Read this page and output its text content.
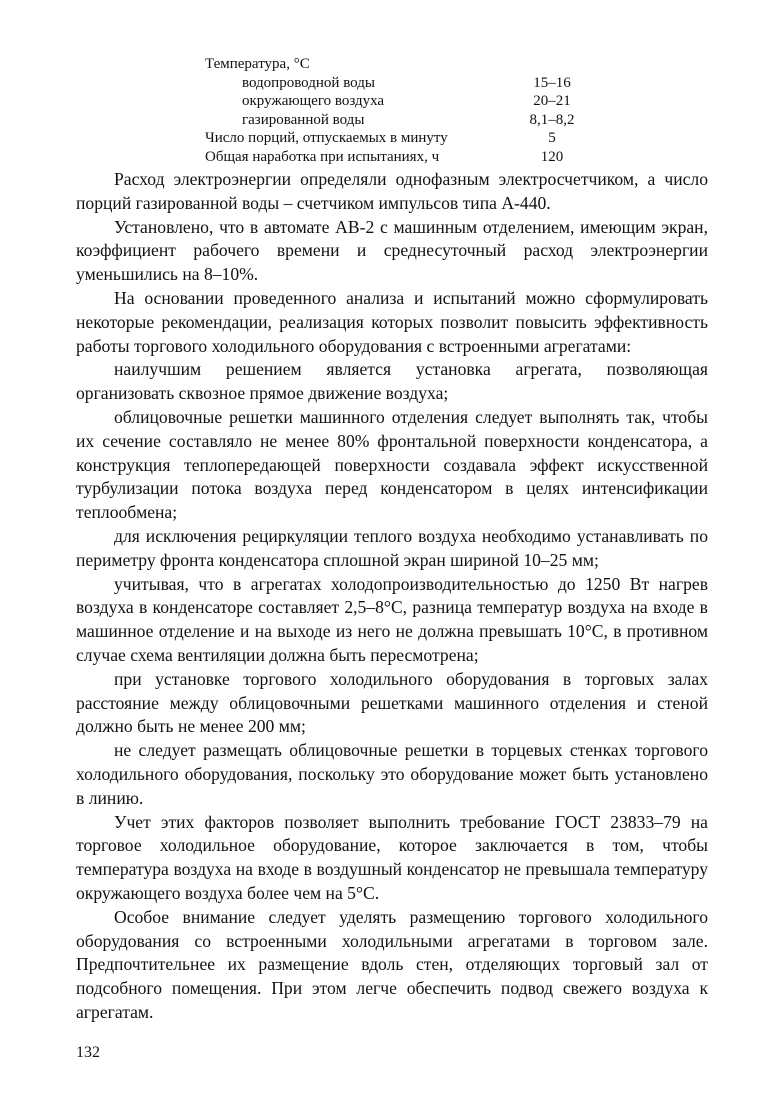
Температура, °С
водопроводной воды	15–16
окружающего воздуха	20–21
газированной воды	8,1–8,2
Число порций, отпускаемых в минуту	5
Общая наработка при испытаниях, ч	120

Расход электроэнергии определяли однофазным электросчетчиком, а число порций газированной воды – счетчиком импульсов типа А-440.

Установлено, что в автомате АВ-2 с машинным отделением, имеющим экран, коэффициент рабочего времени и среднесуточный расход электроэнергии уменьшились на 8–10%.

На основании проведенного анализа и испытаний можно сформулировать некоторые рекомендации, реализация которых позволит повысить эффективность работы торгового холодильного оборудования с встроенными агрегатами:

наилучшим решением является установка агрегата, позволяющая организовать сквозное прямое движение воздуха;

облицовочные решетки машинного отделения следует выполнять так, чтобы их сечение составляло не менее 80% фронтальной поверхности конденсатора, а конструкция теплопередающей поверхности создавала эффект искусственной турбулизации потока воздуха перед конденсатором в целях интенсификации теплообмена;

для исключения рециркуляции теплого воздуха необходимо устанавливать по периметру фронта конденсатора сплошной экран шириной 10–25 мм;

учитывая, что в агрегатах холодопроизводительностью до 1250 Вт нагрев воздуха в конденсаторе составляет 2,5–8°С, разница температур воздуха на входе в машинное отделение и на выходе из него не должна превышать 10°С, в противном случае схема вентиляции должна быть пересмотрена;

при установке торгового холодильного оборудования в торговых залах расстояние между облицовочными решетками машинного отделения и стеной должно быть не менее 200 мм;

не следует размещать облицовочные решетки в торцевых стенках торгового холодильного оборудования, поскольку это оборудование может быть установлено в линию.

Учет этих факторов позволяет выполнить требование ГОСТ 23833–79 на торговое холодильное оборудование, которое заключается в том, чтобы температура воздуха на входе в воздушный конденсатор не превышала температуру окружающего воздуха более чем на 5°С.

Особое внимание следует уделять размещению торгового холодильного оборудования со встроенными холодильными агрегатами в торговом зале. Предпочтительнее их размещение вдоль стен, отделяющих торговый зал от подсобного помещения. При этом легче обеспечить подвод свежего воздуха к агрегатам.

132
